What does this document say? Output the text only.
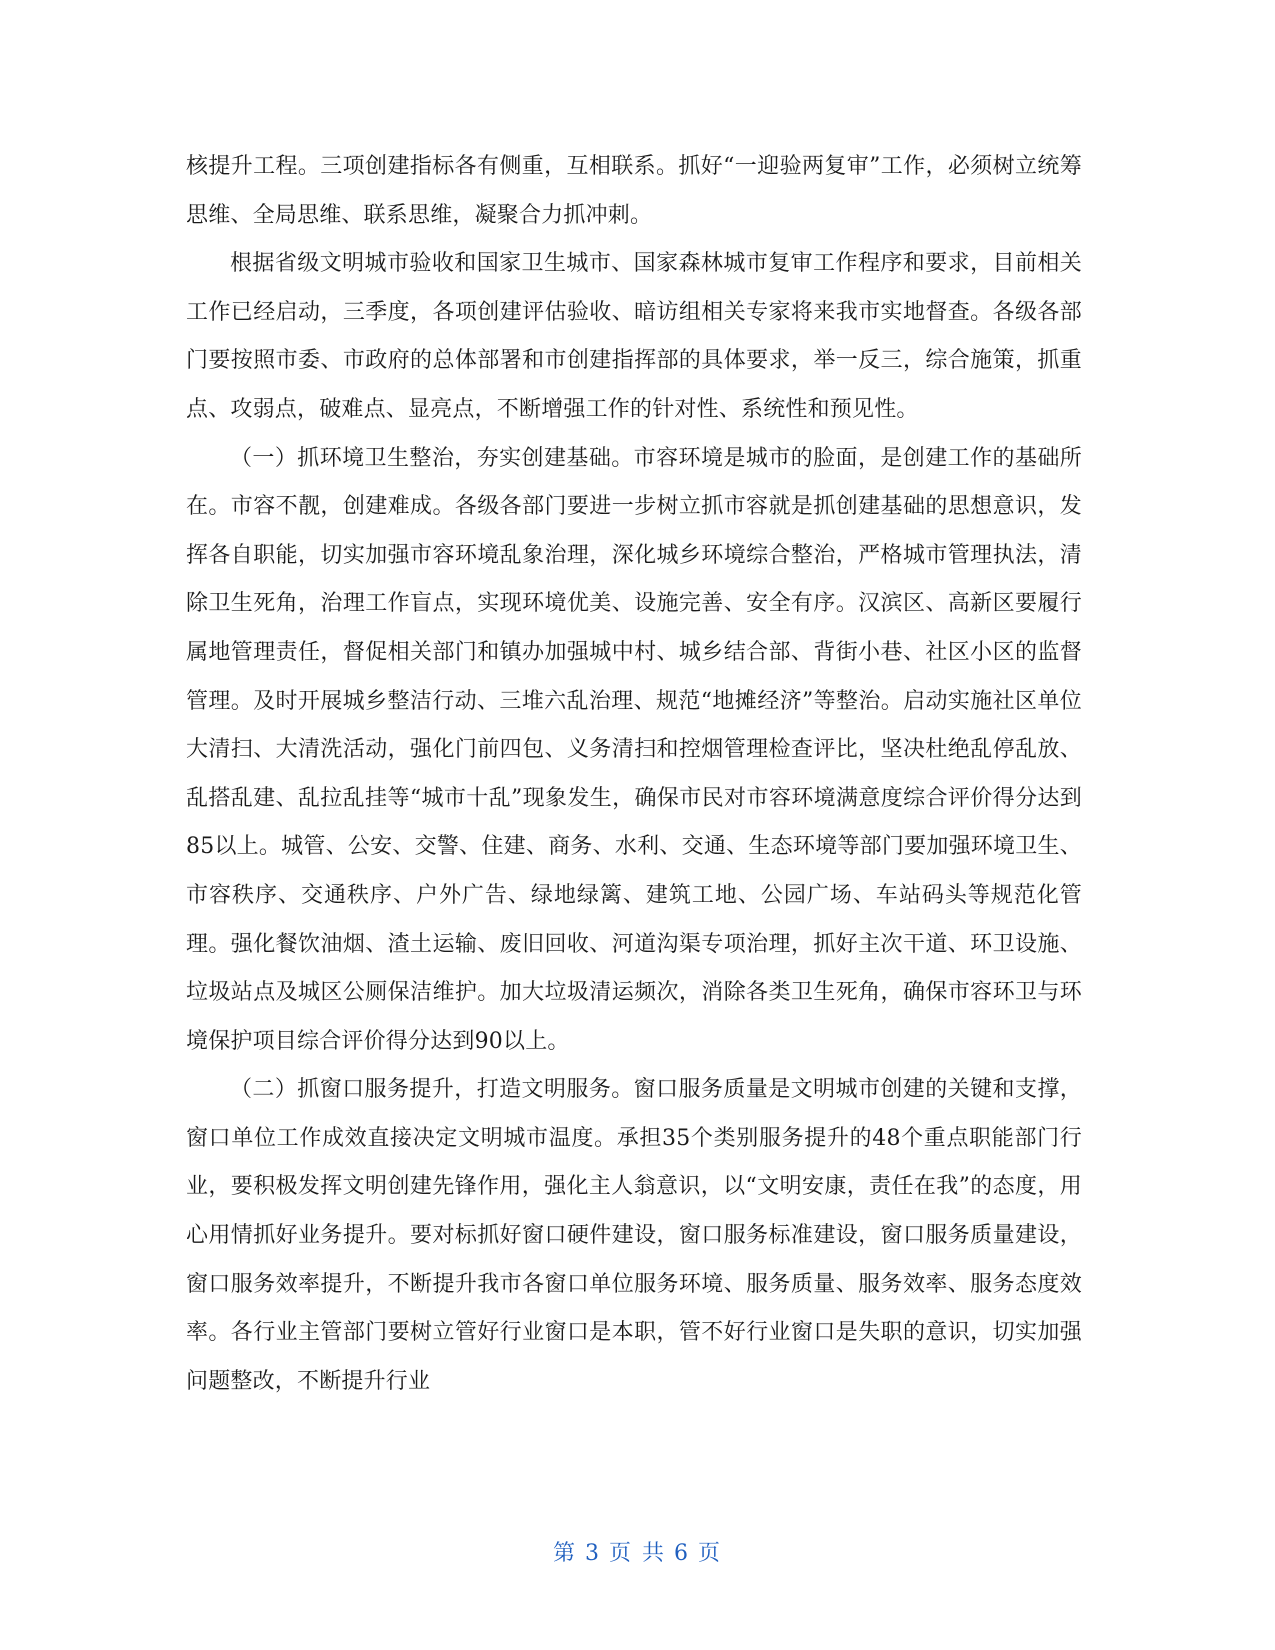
核提升工程。三项创建指标各有侧重，互相联系。抓好“一迎验两复审”工作，必须树立统筹思维、全局思维、联系思维，凝聚合力抓冲刺。

根据省级文明城市验收和国家卫生城市、国家森林城市复审工作程序和要求，目前相关工作已经启动，三季度，各项创建评估验收、暗访组相关专家将来我市实地督查。各级各部门要按照市委、市政府的总体部署和市创建指挥部的具体要求，举一反三，综合施策，抓重点、攻弱点，破难点、显亮点，不断增强工作的针对性、系统性和预见性。

（一）抓环境卫生整治，夯实创建基础。市容环境是城市的脸面，是创建工作的基础所在。市容不靓，创建难成。各级各部门要进一步树立抓市容就是抓创建基础的思想意识，发挥各自职能，切实加强市容环境乱象治理，深化城乡环境综合整治，严格城市管理执法，清除卫生死角，治理工作盲点，实现环境优美、设施完善、安全有序。汉滨区、高新区要履行属地管理责任，督促相关部门和镇办加强城中村、城乡结合部、背街小巷、社区小区的监督管理。及时开展城乡整洁行动、三堆六乱治理、规范“地摊经济”等整治。启动实施社区单位大清扫、大清洗活动，强化门前四包、义务清扫和控烟管理检查评比，坚决杜绝乱停乱放、乱搭乱建、乱拉乱挂等“城市十乱”现象发生，确保市民对市容环境满意度综合评价得分达到85以上。城管、公安、交警、住建、商务、水利、交通、生态环境等部门要加强环境卫生、市容秩序、交通秩序、户外广告、绿地绿篱、建筑工地、公园广场、车站码头等规范化管理。强化餐饮油烟、渣土运输、废旧回收、河道沟渠专项治理，抓好主次干道、环卫设施、垃圾站点及城区公厕保洁维护。加大垃圾清运频次，消除各类卫生死角，确保市容环卫与环境保护项目综合评价得分达到90以上。

（二）抓窗口服务提升，打造文明服务。窗口服务质量是文明城市创建的关键和支撑，窗口单位工作成效直接决定文明城市温度。承担35个类别服务提升的48个重点职能部门行业，要积极发挥文明创建先锋作用，强化主人翁意识，以“文明安康，责任在我”的态度，用心用情抓好业务提升。要对标抓好窗口硬件建设，窗口服务标准建设，窗口服务质量建设，窗口服务效率提升，不断提升我市各窗口单位服务环境、服务质量、服务效率、服务态度效率。各行业主管部门要树立管好行业窗口是本职，管不好行业窗口是失职的意识，切实加强问题整改，不断提升行业

第 3 页 共 6 页
